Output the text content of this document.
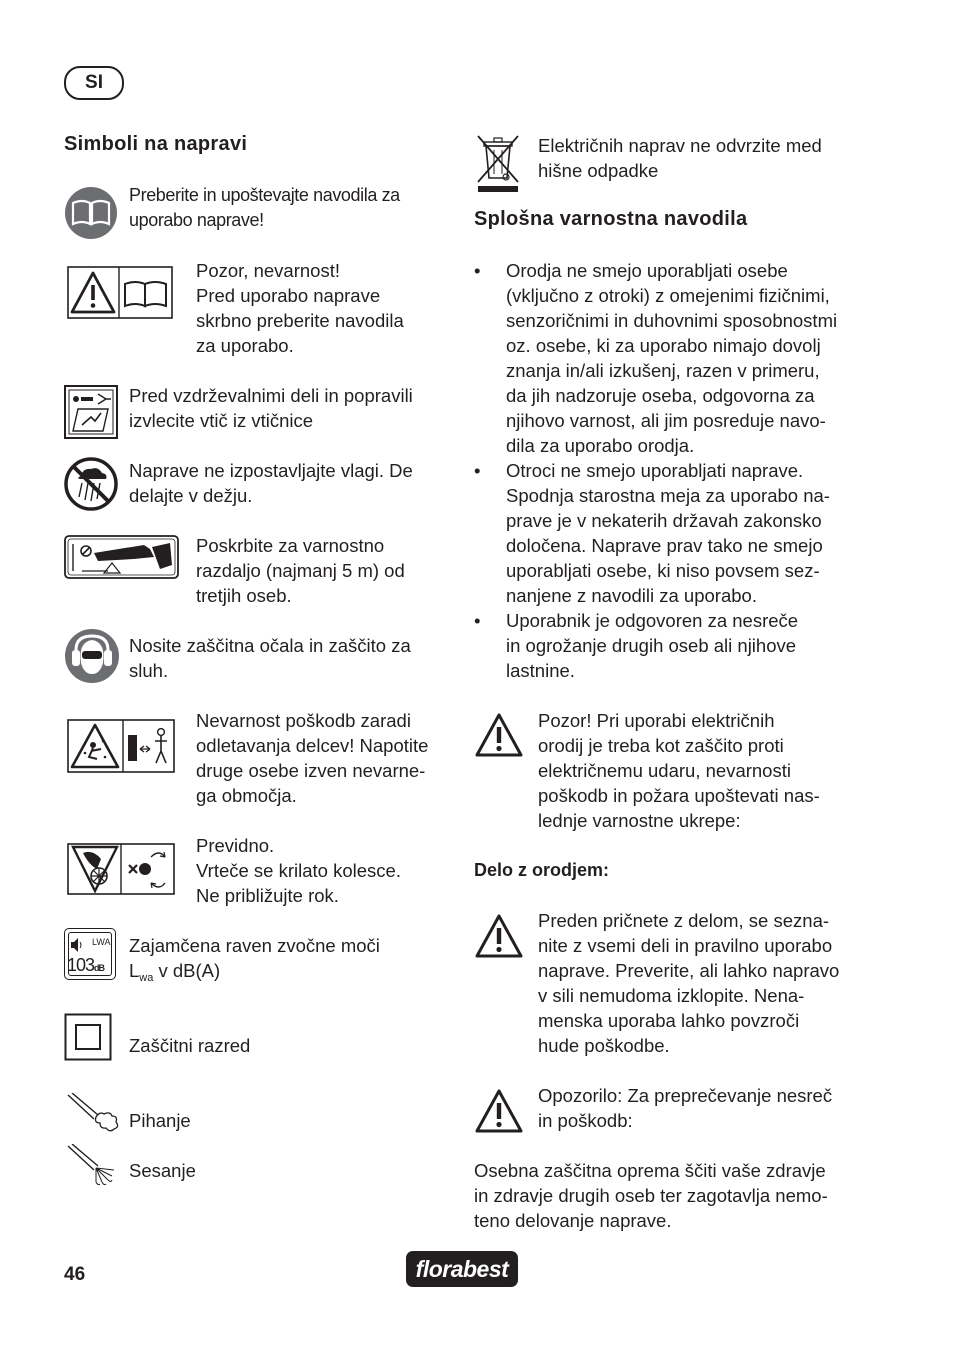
SI
Simboli na napravi
Preberite in upoštevajte navodila za
uporabo naprave!
Pozor, nevarnost!
Pred uporabo naprave
skrbno preberite navodila
za uporabo.
Pred vzdrževalnimi deli in popravili
izvlecite vtič iz vtičnice
Naprave ne izpostavljajte vlagi. De
delajte v dežju.
Poskrbite za varnostno
razdaljo (najmanj 5 m) od
tretjih oseb.
Nosite zaščitna očala in zaščito za
sluh.
Nevarnost poškodb zaradi
odletavanja delcev! Napotite
druge osebe izven nevarne-
ga območja.
Previdno.
Vrteče se krilato kolesce.
Ne približujte rok.
LWA
103dB
Zajamčena raven zvočne moči
$L_{wa}$ v dB(A)
Zaščitni razred
Pihanje
Sesanje
Električnih naprav ne odvrzite med
hišne odpadke
Splošna varnostna navodila
• Orodja ne smejo uporabljati osebe
(vključno z otroki) z omejenimi fizičnimi,
senzoričnimi in duhovnimi sposobnostmi
oz. osebe, ki za uporabo nimajo dovolj
znanja in/ali izkušenj, razen v primeru,
da jih nadzoruje oseba, odgovorna za
njihovo varnost, ali jim posreduje navo-
dila za uporabo orodja.
• Otroci ne smejo uporabljati naprave.
Spodnja starostna meja za uporabo na-
prave je v nekaterih državah zakonsko
določena. Naprave prav tako ne smejo
uporabljati osebe, ki niso povsem sez-
nanjene z navodili za uporabo.
• Uporabnik je odgovoren za nesreče
in ogrožanje drugih oseb ali njihove
lastnine.
Pozor! Pri uporabi električnih
orodij je treba kot zaščito proti
električnemu udaru, nevarnosti
poškodb in požara upoštevati nas-
lednje varnostne ukrepe:
Delo z orodjem:
Preden pričnete z delom, se sezna-
nite z vsemi deli in pravilno uporabo
naprave. Preverite, ali lahko napravo
v sili nemudoma izklopite. Nena-
menska uporaba lahko povzroči
hude poškodbe.
Opozorilo: Za preprečevanje nesreč
in poškodb:
Osebna zaščitna oprema ščiti vaše zdravje
in zdravje drugih oseb ter zagotavlja nemo-
teno delovanje naprave.
46	florabest
